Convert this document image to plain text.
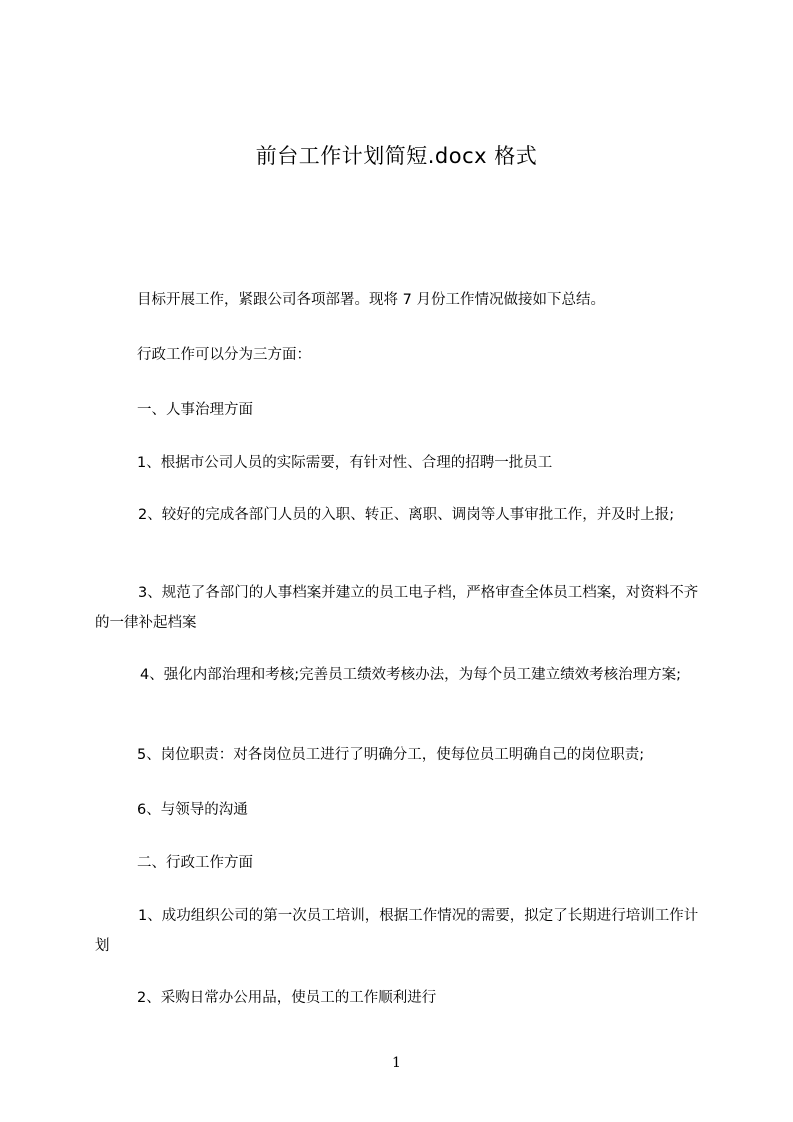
前台工作计划简短.docx 格式

目标开展工作，紧跟公司各项部署。现将 7 月份工作情况做接如下总结。

行政工作可以分为三方面：

一、人事治理方面

1、根据市公司人员的实际需要，有针对性、合理的招聘一批员工

2、较好的完成各部门人员的入职、转正、离职、调岗等人事审批工作，并及时上报;

3、规范了各部门的人事档案并建立的员工电子档，严格审查全体员工档案，对资料不齐的一律补起档案

4、强化内部治理和考核;完善员工绩效考核办法，为每个员工建立绩效考核治理方案;

5、岗位职责：对各岗位员工进行了明确分工，使每位员工明确自己的岗位职责;

6、与领导的沟通

二、行政工作方面

1、成功组织公司的第一次员工培训，根据工作情况的需要，拟定了长期进行培训工作计划

2、采购日常办公用品，使员工的工作顺利进行

1
